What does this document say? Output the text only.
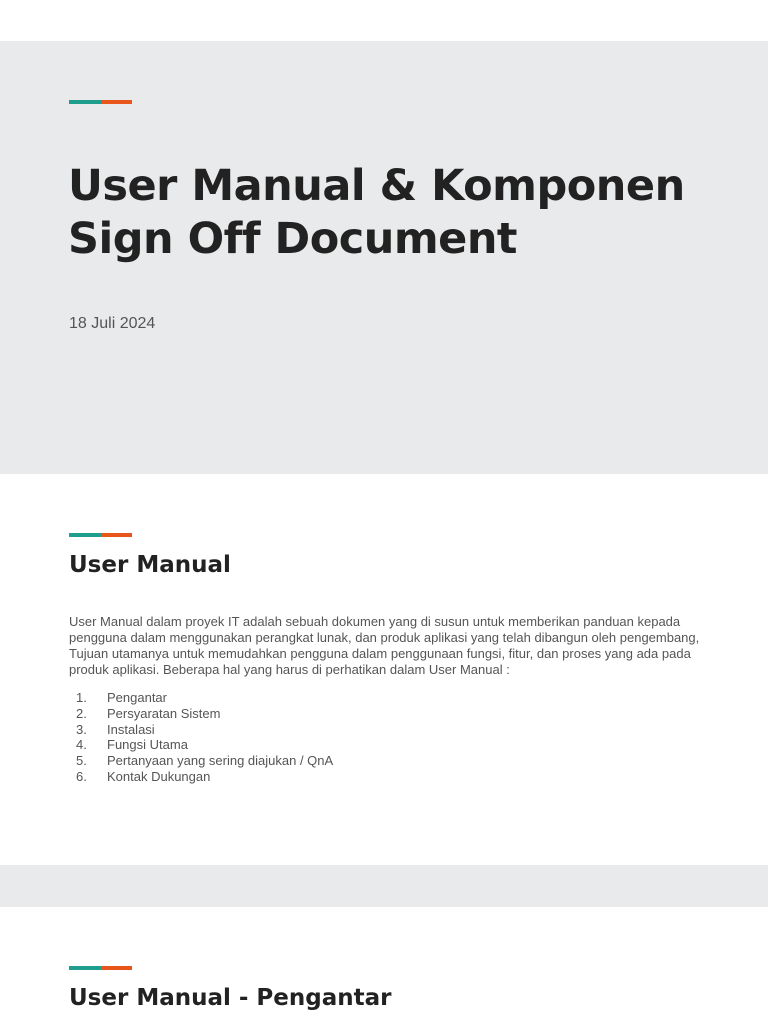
User Manual & Komponen Sign Off Document
18 Juli 2024
User Manual

User Manual dalam proyek IT adalah sebuah dokumen yang di susun untuk memberikan panduan kepada pengguna dalam menggunakan perangkat lunak, dan produk aplikasi yang telah dibangun oleh pengembang, Tujuan utamanya untuk memudahkan pengguna dalam penggunaan fungsi, fitur, dan proses yang ada pada produk aplikasi. Beberapa hal yang harus di perhatikan dalam User Manual :

1.	Pengantar
2.	Persyaratan Sistem
3.	Instalasi
4.	Fungsi Utama
5.	Pertanyaan yang sering diajukan / QnA
6.	Kontak Dukungan
User Manual - Pengantar
